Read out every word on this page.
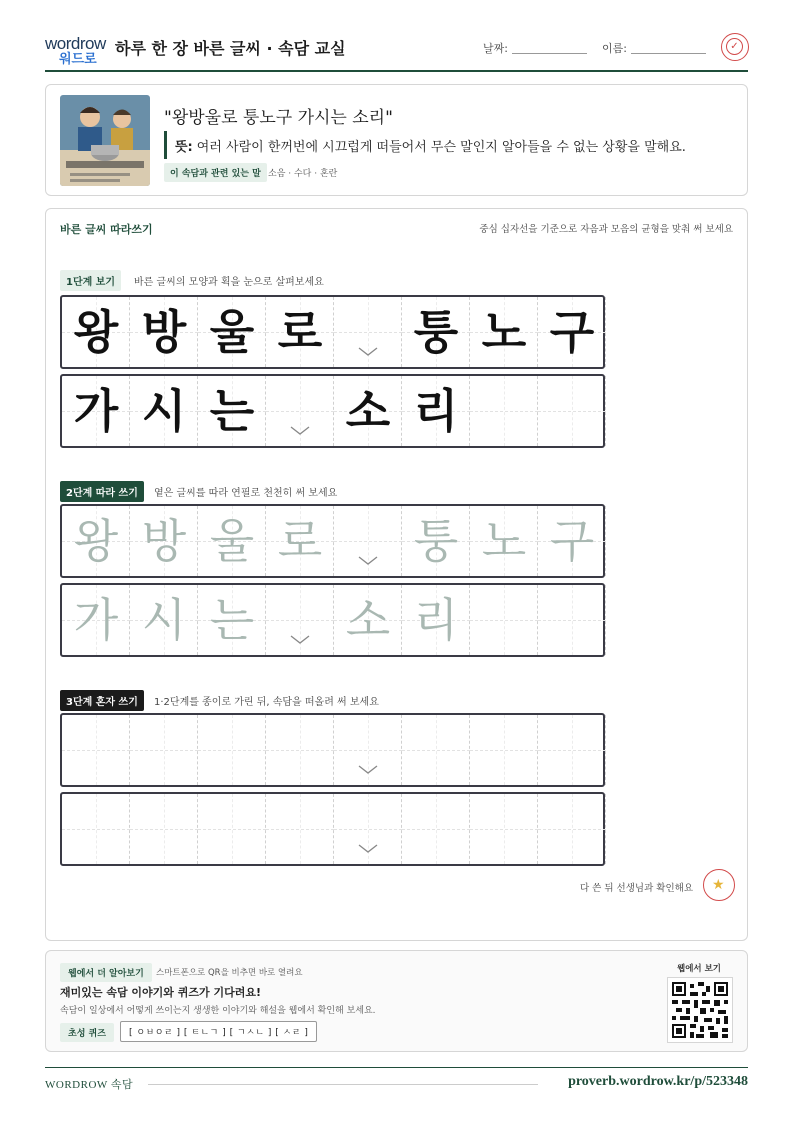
wordrow
워드로
하루 한 장 바른 글씨 · 속담 교실	날짜:	이름:	✓
"왕방울로 퉁노구 가시는 소리"
뜻: 여러 사람이 한꺼번에 시끄럽게 떠들어서 무슨 말인지 알아들을 수 없는 상황을 말해요.
이 속담과 관련 있는 말 소음 · 수다 · 혼란
바른 글씨 따라쓰기	중심 십자선을 기준으로 자음과 모음의 균형을 맞춰 써 보세요
1단계 보기	바른 글씨의 모양과 획을 눈으로 살펴보세요
왕 방 울 로 퉁 노 구
가 시 는 소 리
2단계 따라 쓰기	옅은 글씨를 따라 연필로 천천히 써 보세요
왕 방 울 로 퉁 노 구
가 시 는 소 리
3단계 혼자 쓰기	1·2단계를 종이로 가린 뒤, 속담을 떠올려 써 보세요
다 쓴 뒤 선생님과 확인해요 ★
웹에서 더 알아보기	스마트폰으로 QR을 비추면 바로 열려요
재미있는 속담 이야기와 퀴즈가 기다려요!
속담이 일상에서 어떻게 쓰이는지 생생한 이야기와 해설을 웹에서 확인해 보세요.
초성 퀴즈	[ ㅇㅂㅇㄹ ] [ ㅌㄴㄱ ] [ ㄱㅅㄴ ] [ ㅅㄹ ]
웹에서 보기
WORDROW 속담	proverb.wordrow.kr/p/523348
